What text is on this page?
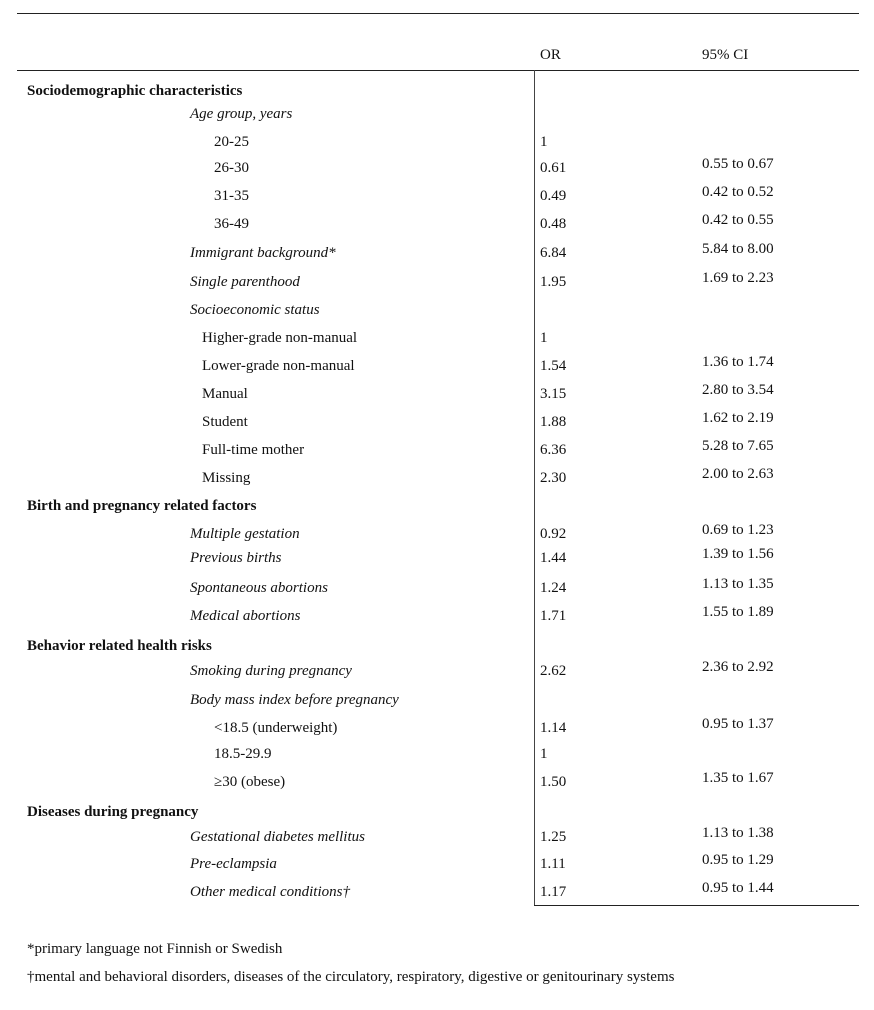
OR	95% CI
Sociodemographic characteristics
Age group, years
20-25	1
26-30	0.61	0.55 to 0.67
31-35	0.49	0.42 to 0.52
36-49	0.48	0.42 to 0.55
Immigrant background*	6.84	5.84 to 8.00
Single parenthood	1.95	1.69 to 2.23
Socioeconomic status
Higher-grade non-manual	1
Lower-grade non-manual	1.54	1.36 to 1.74
Manual	3.15	2.80 to 3.54
Student	1.88	1.62 to 2.19
Full-time mother	6.36	5.28 to 7.65
Missing	2.30	2.00 to 2.63
Birth and pregnancy related factors
Multiple gestation	0.92	0.69 to 1.23
Previous births	1.44	1.39 to 1.56
Spontaneous abortions	1.24	1.13 to 1.35
Medical abortions	1.71	1.55 to 1.89
Behavior related health risks
Smoking during pregnancy	2.62	2.36 to 2.92
Body mass index before pregnancy
<18.5 (underweight)	1.14	0.95 to 1.37
18.5-29.9	1
≥30 (obese)	1.50	1.35 to 1.67
Diseases during pregnancy
Gestational diabetes mellitus	1.25	1.13 to 1.38
Pre-eclampsia	1.11	0.95 to 1.29
Other medical conditions†	1.17	0.95 to 1.44
*primary language not Finnish or Swedish
†mental and behavioral disorders, diseases of the circulatory, respiratory, digestive or genitourinary systems
